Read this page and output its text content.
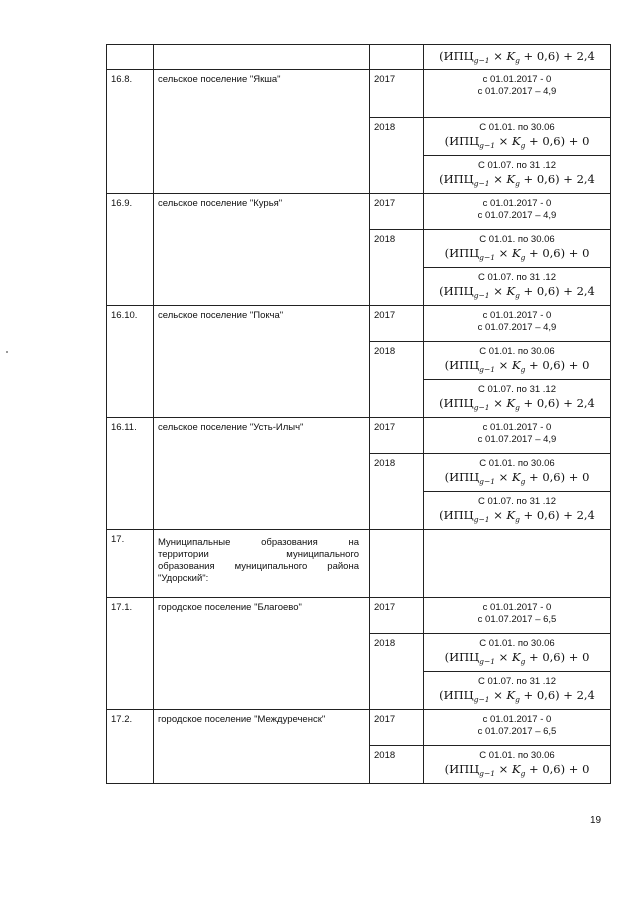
			$(ИПЦ_{g-1} \times K_g + 0,6) + 2,4$

16.8.	сельское поселение "Якша"	2017	с 01.01.2017 - 0
с 01.07.2017 – 4,9

		2018	С 01.01. по 30.06
$(ИПЦ_{g-1} \times K_g + 0,6) + 0$

			С 01.07. по 31 .12
$(ИПЦ_{g-1} \times K_g + 0,6) + 2,4$

16.9.	сельское поселение "Курья"	2017	с 01.01.2017 - 0
с 01.07.2017 – 4,9

		2018	С 01.01. по 30.06
$(ИПЦ_{g-1} \times K_g + 0,6) + 0$

			С 01.07. по 31 .12
$(ИПЦ_{g-1} \times K_g + 0,6) + 2,4$

16.10.	сельское поселение "Покча"	2017	с 01.01.2017 - 0
с 01.07.2017 – 4,9

		2018	С 01.01. по 30.06
$(ИПЦ_{g-1} \times K_g + 0,6) + 0$

			С 01.07. по 31 .12
$(ИПЦ_{g-1} \times K_g + 0,6) + 2,4$

16.11.	сельское поселение "Усть-Илыч"	2017	с 01.01.2017 - 0
с 01.07.2017 – 4,9

		2018	С 01.01. по 30.06
$(ИПЦ_{g-1} \times K_g + 0,6) + 0$

			С 01.07. по 31 .12
$(ИПЦ_{g-1} \times K_g + 0,6) + 2,4$

17.	Муниципальные образования на
территории муниципального
образования муниципального района
"Удорский":		

17.1.	городское поселение "Благоево"	2017	с 01.01.2017 - 0
с 01.07.2017 – 6,5

		2018	С 01.01. по 30.06
$(ИПЦ_{g-1} \times K_g + 0,6) + 0$

			С 01.07. по 31 .12
$(ИПЦ_{g-1} \times K_g + 0,6) + 2,4$

17.2.	городское поселение "Междуреченск"	2017	с 01.01.2017 - 0
с 01.07.2017 – 6,5

		2018	С 01.01. по 30.06
$(ИПЦ_{g-1} \times K_g + 0,6) + 0$
19
